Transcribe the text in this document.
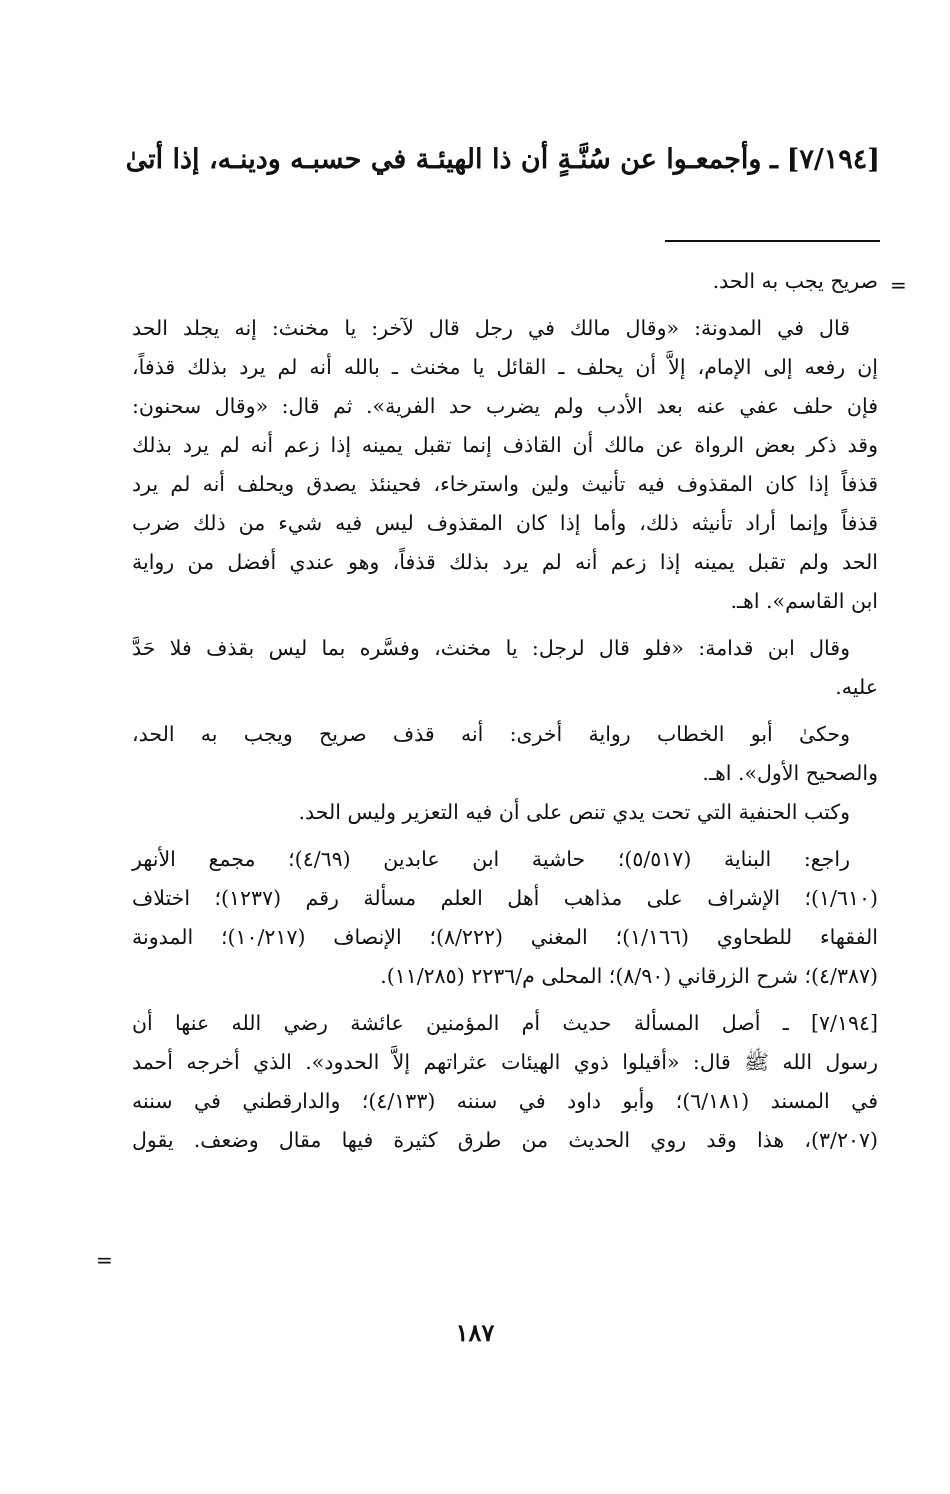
[٧/١٩٤] ـ وأجمعـوا عن سُنَّـةٍ أن ذا الهيئـة في حسبـه ودينـه، إذا أتىٰ
=
صريح يجب به الحد.
قال في المدونة: «وقال مالك في رجل قال لآخر: يا مخنث: إنه يجلد الحد
إن رفعه إلى الإمام، إلاَّ أن يحلف ـ القائل يا مخنث ـ بالله أنه لم يرد بذلك قذفاً،
فإن حلف عفي عنه بعد الأدب ولم يضرب حد الفرية». ثم قال: «وقال سحنون:
وقد ذكر بعض الرواة عن مالك أن القاذف إنما تقبل يمينه إذا زعم أنه لم يرد بذلك
قذفاً إذا كان المقذوف فيه تأنيث ولين واسترخاء، فحينئذ يصدق ويحلف أنه لم يرد
قذفاً وإنما أراد تأنيثه ذلك، وأما إذا كان المقذوف ليس فيه شيء من ذلك ضرب
الحد ولم تقبل يمينه إذا زعم أنه لم يرد بذلك قذفاً، وهو عندي أفضل من رواية
ابن القاسم». اهـ.
وقال ابن قدامة: «فلو قال لرجل: يا مخنث، وفسَّره بما ليس بقذف فلا حَدَّ
عليه.
وحكىٰ أبو الخطاب رواية أخرى: أنه قذف صريح ويجب به الحد،
والصحيح الأول». اهـ.
وكتب الحنفية التي تحت يدي تنص على أن فيه التعزير وليس الحد.
راجع: البناية (٥/٥١٧)؛ حاشية ابن عابدين (٤/٦٩)؛ مجمع الأنهر
(١/٦١٠)؛ الإشراف على مذاهب أهل العلم مسألة رقم (١٢٣٧)؛ اختلاف
الفقهاء للطحاوي (١/١٦٦)؛ المغني (٨/٢٢٢)؛ الإنصاف (١٠/٢١٧)؛ المدونة
(٤/٣٨٧)؛ شرح الزرقاني (٨/٩٠)؛ المحلى م/٢٢٣٦ (١١/٢٨٥).
[٧/١٩٤] ـ أصل المسألة حديث أم المؤمنين عائشة رضي الله عنها أن
رسول الله ﷺ قال: «أقيلوا ذوي الهيئات عثراتهم إلاَّ الحدود». الذي أخرجه أحمد
في المسند (٦/١٨١)؛ وأبو داود في سننه (٤/١٣٣)؛ والدارقطني في سننه
(٣/٢٠٧)، هذا وقد روي الحديث من طرق كثيرة فيها مقال وضعف. يقول
=
١٨٧
